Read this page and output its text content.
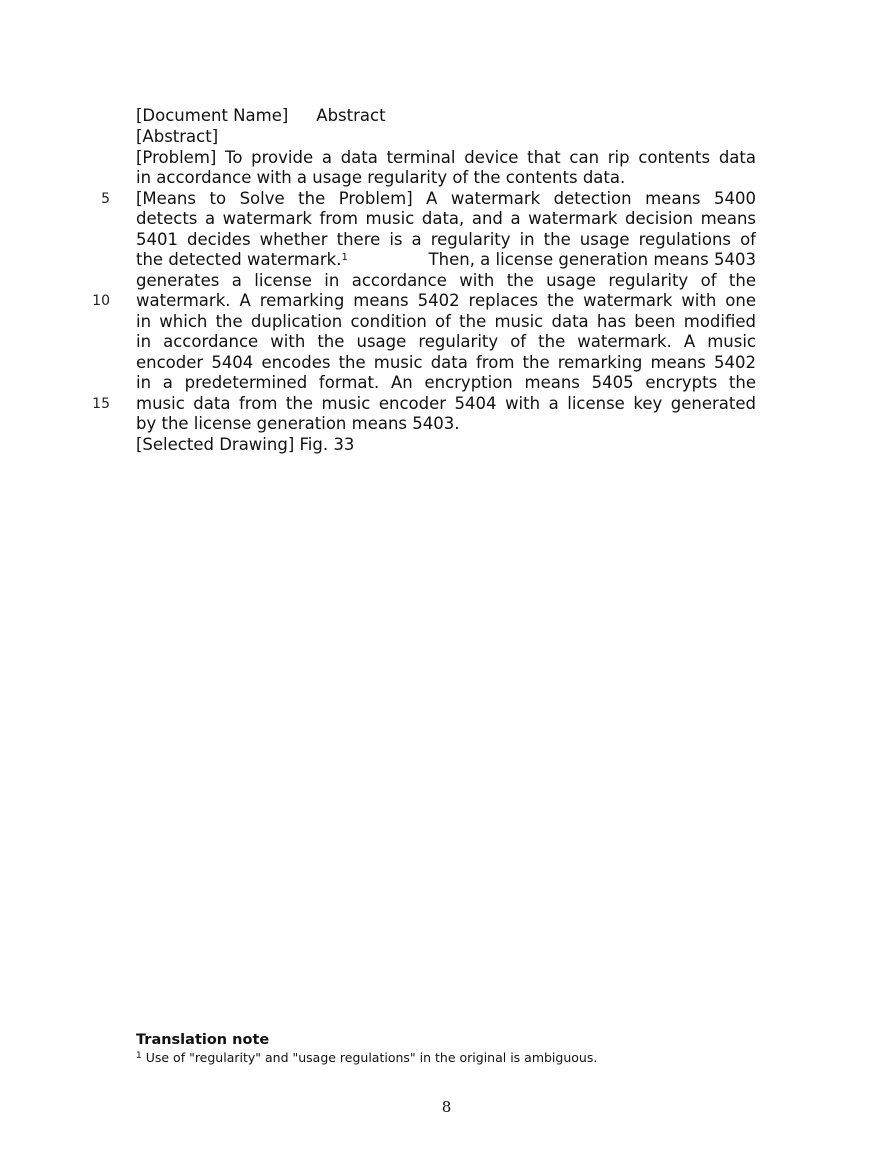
[Document Name] Abstract
[Abstract]
[Problem] To provide a data terminal device that can rip contents data
in accordance with a usage regularity of the contents data.
5 [Means to Solve the Problem] A watermark detection means 5400
detects a watermark from music data, and a watermark decision means
5401 decides whether there is a regularity in the usage regulations of
the detected watermark.$^1$	Then, a license generation means 5403
generates a license in accordance with the usage regularity of the
10 watermark. A remarking means 5402 replaces the watermark with one
in which the duplication condition of the music data has been modified
in accordance with the usage regularity of the watermark. A music
encoder 5404 encodes the music data from the remarking means 5402
in a predetermined format. An encryption means 5405 encrypts the
15 music data from the music encoder 5404 with a license key generated
by the license generation means 5403.
[Selected Drawing] Fig. 33
Translation note
$^1$ Use of "regularity" and "usage regulations" in the original is ambiguous.
8
